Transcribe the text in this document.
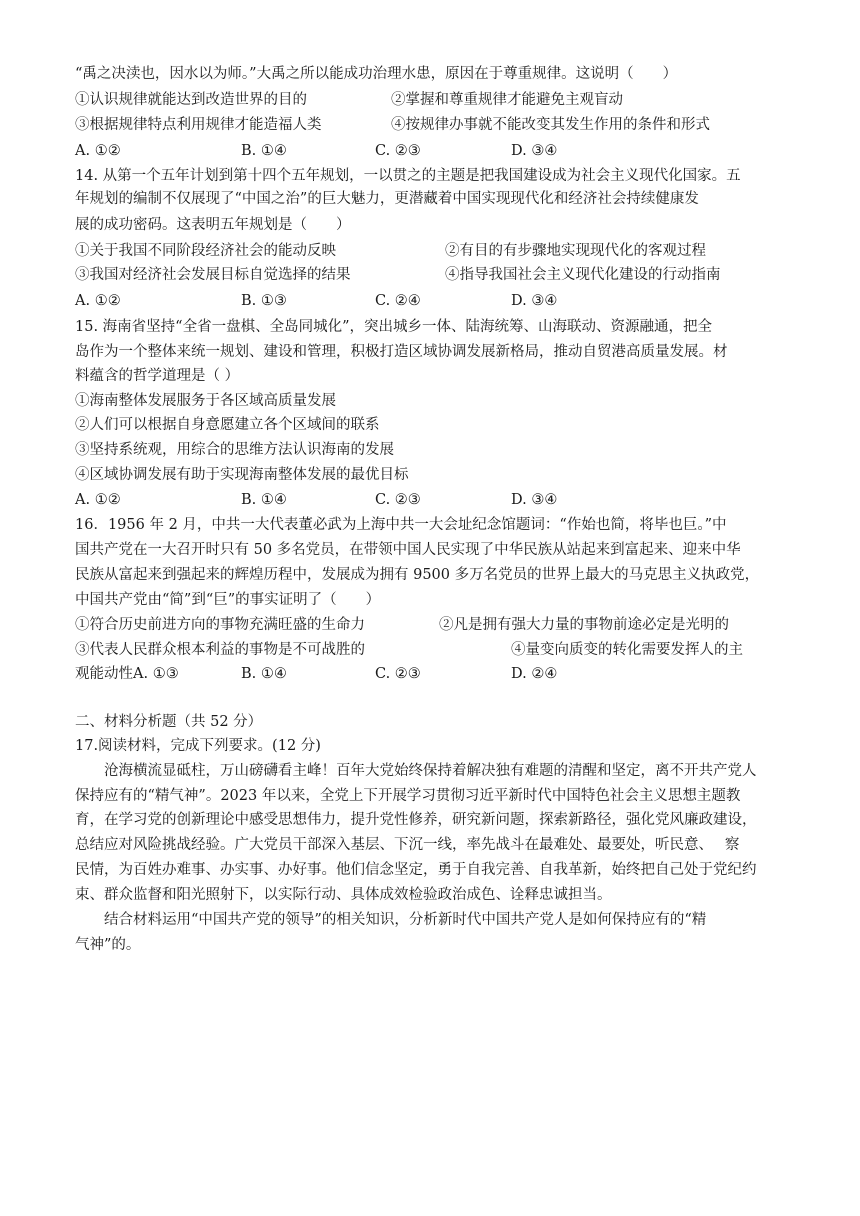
“禹之决渎也，因水以为师。”大禹之所以能成功治理水患，原因在于尊重规律。这说明（　　）
①认识规律就能达到改造世界的目的	②掌握和尊重规律才能避免主观盲动
③根据规律特点利用规律才能造福人类	④按规律办事就不能改变其发生作用的条件和形式
A. ①②	B. ①④	C. ②③	D. ③④
14. 从第一个五年计划到第十四个五年规划，一以贯之的主题是把我国建设成为社会主义现代化国家。五
年规划的编制不仅展现了“中国之治”的巨大魅力，更潜藏着中国实现现代化和经济社会持续健康发
展的成功密码。这表明五年规划是（　　）
①关于我国不同阶段经济社会的能动反映	②有目的有步骤地实现现代化的客观过程
③我国对经济社会发展目标自觉选择的结果	④指导我国社会主义现代化建设的行动指南
A. ①②	B. ①③	C. ②④	D. ③④
15. 海南省坚持“全省一盘棋、全岛同城化”，突出城乡一体、陆海统筹、山海联动、资源融通，把全
岛作为一个整体来统一规划、建设和管理，积极打造区域协调发展新格局，推动自贸港高质量发展。材
料蕴含的哲学道理是（ ）
①海南整体发展服务于各区域高质量发展
②人们可以根据自身意愿建立各个区域间的联系
③坚持系统观，用综合的思维方法认识海南的发展
④区域协调发展有助于实现海南整体发展的最优目标
A. ①②	B. ①④	C. ②③	D. ③④
16．1956 年 2 月，中共一大代表董必武为上海中共一大会址纪念馆题词：“作始也简，将毕也巨。”中
国共产党在一大召开时只有 50 多名党员，在带领中国人民实现了中华民族从站起来到富起来、迎来中华
民族从富起来到强起来的辉煌历程中，发展成为拥有 9500 多万名党员的世界上最大的马克思主义执政党，
中国共产党由“简”到“巨”的事实证明了（　　）
①符合历史前进方向的事物充满旺盛的生命力	②凡是拥有强大力量的事物前途必定是光明的
③代表人民群众根本利益的事物是不可战胜的	④量变向质变的转化需要发挥人的主
观能动性A. ①③	B. ①④	C. ②③	D. ②④
二、材料分析题（共 52 分）
17.阅读材料，完成下列要求。(12 分)
沧海横流显砥柱，万山磅礴看主峰！百年大党始终保持着解决独有难题的清醒和坚定，离不开共产党人
保持应有的“精气神”。2023 年以来，全党上下开展学习贯彻习近平新时代中国特色社会主义思想主题教
育，在学习党的创新理论中感受思想伟力，提升党性修养，研究新问题，探索新路径，强化党风廉政建设，
总结应对风险挑战经验。广大党员干部深入基层、下沉一线，率先战斗在最难处、最要处，听民意、　 察
民情，为百姓办难事、办实事、办好事。他们信念坚定，勇于自我完善、自我革新，始终把自己处于党纪约
束、群众监督和阳光照射下，以实际行动、具体成效检验政治成色、诠释忠诚担当。
结合材料运用“中国共产党的领导”的相关知识，分析新时代中国共产党人是如何保持应有的“精
气神”的。
